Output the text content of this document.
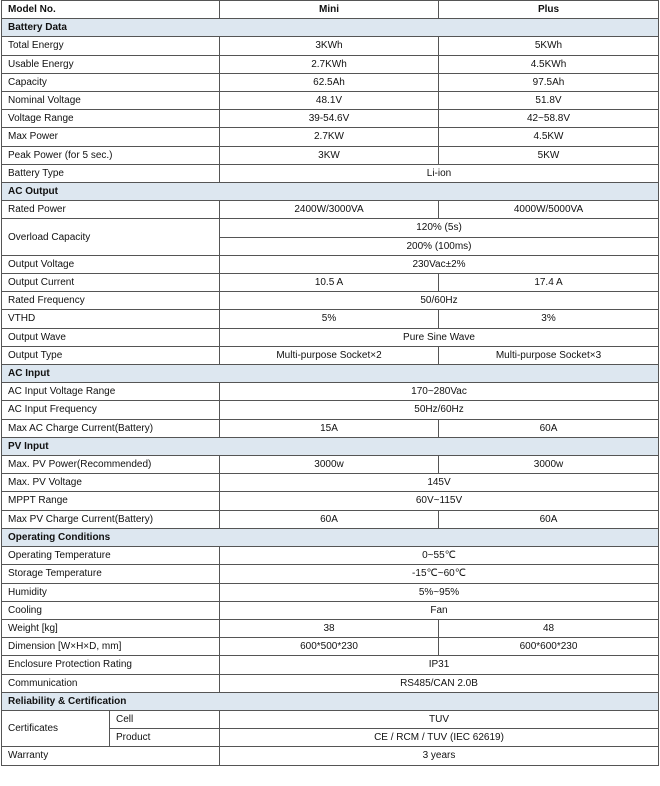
Model No.		Mini	Plus
Battery Data			
Total Energy		3KWh	5KWh
Usable Energy		2.7KWh	4.5KWh
Capacity		62.5Ah	97.5Ah
Nominal Voltage		48.1V	51.8V
Voltage Range		39-54.6V	42~58.8V
Max Power		2.7KW	4.5KW
Peak Power (for 5 sec.)		3KW	5KW
Battery Type		Li-ion	
AC Output			
Rated Power		2400W/3000VA	4000W/5000VA
Overload Capacity		120% (5s)	
		200% (100ms)	
Output Voltage		230Vac±2%	
Output Current		10.5 A	17.4 A
Rated Frequency		50/60Hz	
VTHD		5%	3%
Output Wave		Pure Sine Wave	
Output Type		Multi-purpose Socket×2	Multi-purpose Socket×3
AC Input			
AC Input Voltage Range		170~280Vac	
AC Input Frequency		50Hz/60Hz	
Max AC Charge Current(Battery)		15A	60A
PV Input			
Max. PV Power(Recommended)		3000w	3000w
Max. PV Voltage		145V	
MPPT Range		60V~115V	
Max PV Charge Current(Battery)		60A	60A
Operating Conditions			
Operating Temperature		0~55℃	
Storage Temperature		-15℃~60℃	
Humidity		5%~95%	
Cooling		Fan	
Weight [kg]		38	48
Dimension [W×H×D, mm]		600*500*230	600*600*230
Enclosure Protection Rating		IP31	
Communication		RS485/CAN 2.0B	
Reliability & Certification			
Certificates	Cell	TUV	
	Product	CE / RCM / TUV (IEC 62619)	
Warranty		3 years	
